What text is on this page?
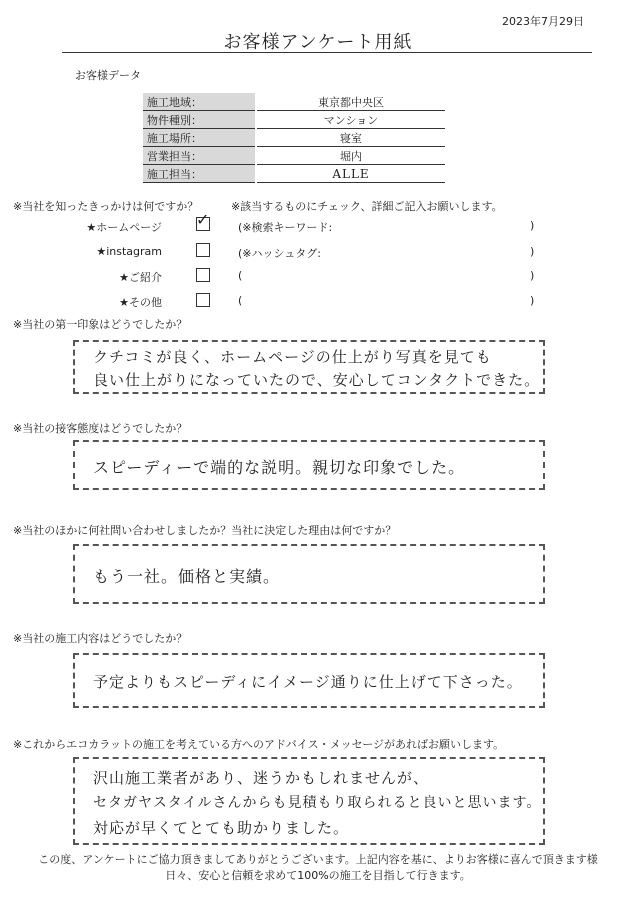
2023年7月29日
お客様アンケート用紙
お客様データ
施工地域：	東京都中央区
物件種別：	マンション
施工場所：	寝室
営業担当：	堀内
施工担当：	ALLE
※当社を知ったきっかけは何ですか？	※該当するものにチェック、詳細ご記入お願いします。
★ホームページ ✓	(※検索キーワード:	)
★instagram	(※ハッシュタグ:	)
★ご紹介	(	)
★その他	(	)
※当社の第一印象はどうでしたか？
クチコミが良く、ホームページの仕上がり写真を見ても
良い仕上がりになっていたので、安心してコンタクトできた。
※当社の接客態度はどうでしたか？
スピーディーで端的な説明。親切な印象でした。
※当社のほかに何社問い合わせしましたか？当社に決定した理由は何ですか？
もう一社。価格と実績。
※当社の施工内容はどうでしたか？
予定よりもスピーディにイメージ通りに仕上げて下さった。
※これからエコカラットの施工を考えている方へのアドバイス・メッセージがあればお願いします。
沢山施工業者があり、迷うかもしれませんが、
セタガヤスタイルさんからも見積もり取られると良いと思います。
対応が早くてとても助かりました。
この度、アンケートにご協力頂きましてありがとうございます。上記内容を基に、よりお客様に喜んで頂きます様
日々、安心と信頼を求めて100%の施工を目指して行きます。
